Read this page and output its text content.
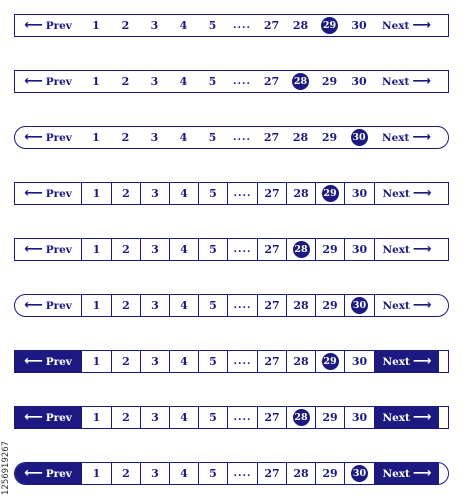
⟵ Prev	1	2	3	4	5	....	27	28	29	30	Next ⟶
⟵ Prev	1	2	3	4	5	....	27	28	29	30	Next ⟶
⟵ Prev	1	2	3	4	5	....	27	28	29	30 Next ⟶
⟵ Prev	1	2	3	4	5	....	27	28	29	30	Next ⟶
⟵ Prev	1	2	3	4	5	....	27	28	29	30	Next ⟶
⟵ Prev	1	2	3	4	5	....	27	28	29	30 Next ⟶
⟵ Prev	1	2	3	4	5	....	27	28	29	30	Next ⟶
⟵ Prev	1	2	3	4	5	....	27	28	29	30	Next ⟶
⟵ Prev	1	2	3	4	5	....	27	28	29	30 Next ⟶
1256919267
